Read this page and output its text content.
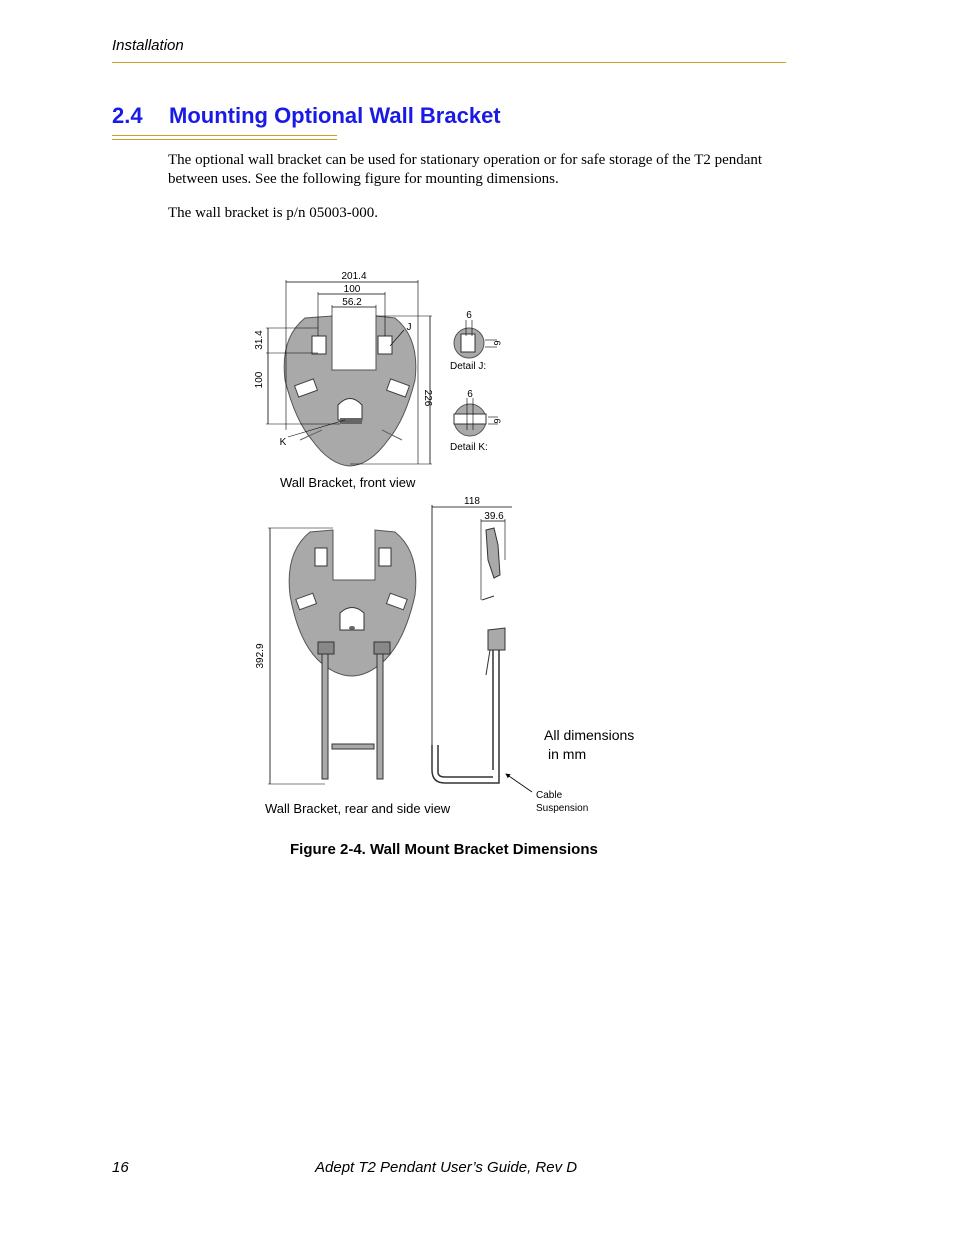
Installation
2.4 Mounting Optional Wall Bracket
The optional wall bracket can be used for stationary operation or for safe storage of the T2 pendant between uses. See the following figure for mounting dimensions.
The wall bracket is p/n 05003-000.
201.4
100
56.2
31.4
100
226
J
K
6
6
Detail J:
6
6
Detail K:
Wall Bracket, front view
392.9
118
39.6
Cable
Suspension
All dimensions
in mm
Wall Bracket, rear and side view
Figure 2-4. Wall Mount Bracket Dimensions
16	Adept T2 Pendant User’s Guide, Rev D
